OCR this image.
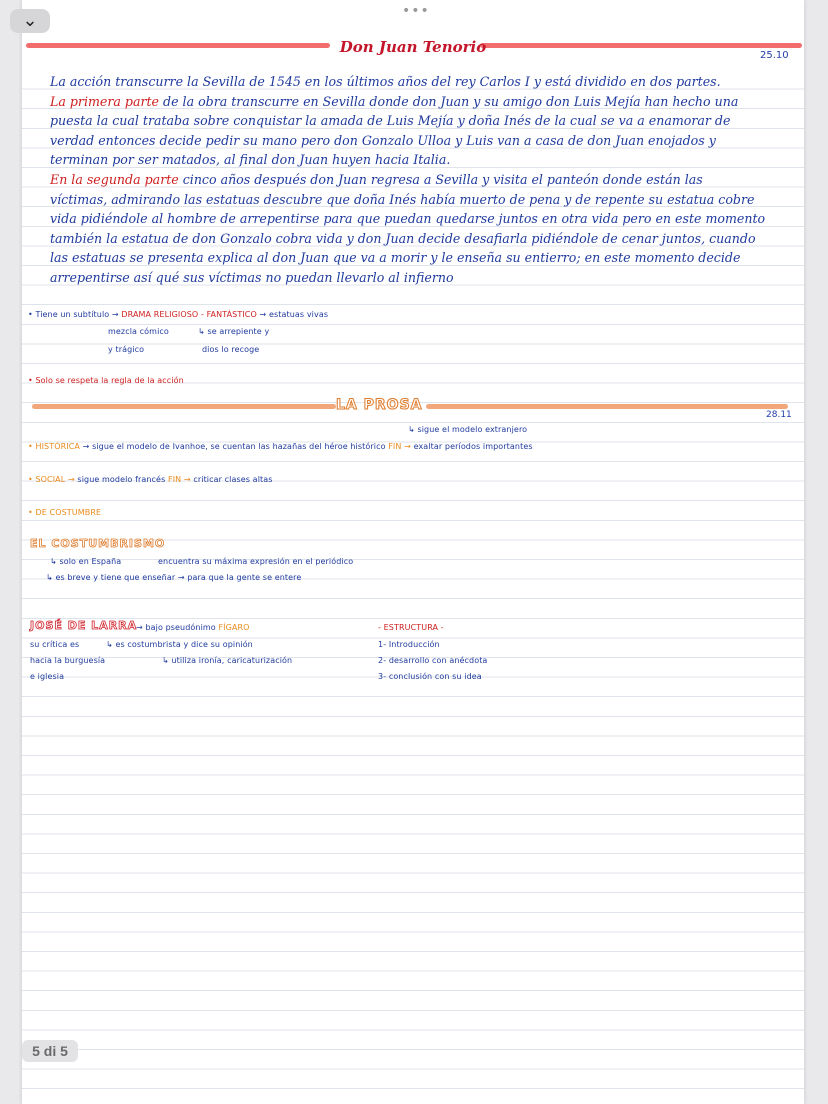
Don Juan Tenorio	25.10
La acción transcurre la Sevilla de 1545 en los últimos años del rey Carlos I y está dividido en dos partes.
La primera parte de la obra transcurre en Sevilla donde don Juan y su amigo don Luis Mejía han hecho una
puesta la cual trataba sobre conquistar la amada de Luis Mejía y doña Inés de la cual se va a enamorar de
verdad entonces decide pedir su mano pero don Gonzalo Ulloa y Luis van a casa de don Juan enojados y
terminan por ser matados, al final don Juan huyen hacia Italia.
En la segunda parte cinco años después don Juan regresa a Sevilla y visita el panteón donde están las
víctimas, admirando las estatuas descubre que doña Inés había muerto de pena y de repente su estatua cobre
vida pidiéndole al hombre de arrepentirse para que puedan quedarse juntos en otra vida pero en este momento
también la estatua de don Gonzalo cobra vida y don Juan decide desafiarla pidiéndole de cenar juntos, cuando
las estatuas se presenta explica al don Juan que va a morir y le enseña su entierro; en este momento decide
arrepentirse así qué sus víctimas no puedan llevarlo al infierno
• Tiene un subtítulo → DRAMA RELIGIOSO - FANTÁSTICO → estatuas vivas
mezcla cómico
y trágico
↳ se arrepiente y
dios lo recoge
• Solo se respeta la regla de la acción
LA PROSA
28.11
↳ sigue el modelo extranjero
• HISTÓRICA → sigue el modelo de Ivanhoe, se cuentan las hazañas del héroe histórico FIN → exaltar períodos importantes
• SOCIAL → sigue modelo francés FIN → criticar clases altas
• DE COSTUMBRE
EL COSTUMBRISMO
↳ solo en España	encuentra su máxima expresión en el periódico
↳ es breve y tiene que enseñar → para que la gente se entere
JOSÉ DE LARRA
→ bajo pseudónimo FÍGARO
su crítica es
hacia la burguesía
e iglesia
↳ es costumbrista y dice su opinión
↳ utiliza ironía, caricaturización
- ESTRUCTURA -
1- Introducción
2- desarrollo con anécdota
3- conclusión con su idea
⌄	•••
5 di 5
